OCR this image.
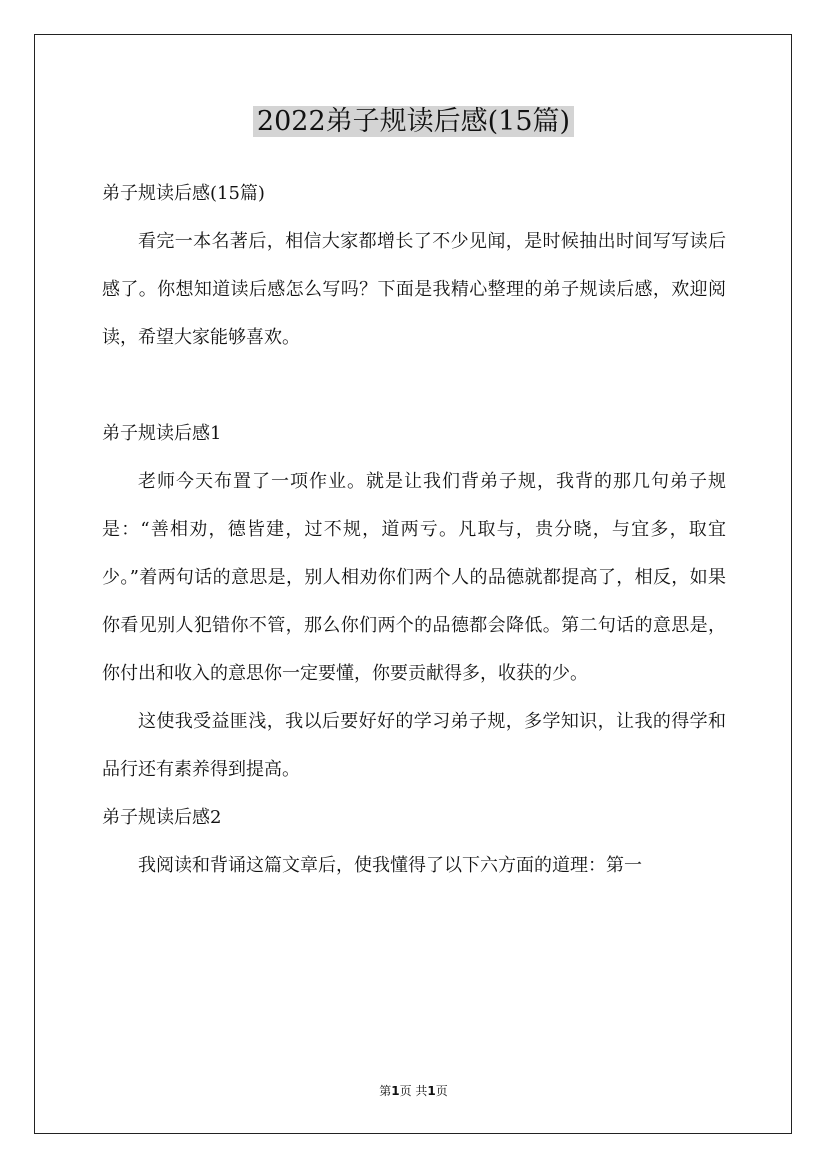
2022弟子规读后感(15篇)

弟子规读后感(15篇)

看完一本名著后，相信大家都增长了不少见闻，是时候抽出时间写写读后感了。你想知道读后感怎么写吗？下面是我精心整理的弟子规读后感，欢迎阅读，希望大家能够喜欢。

弟子规读后感1

老师今天布置了一项作业。就是让我们背弟子规，我背的那几句弟子规是：“善相劝，德皆建，过不规，道两亏。凡取与，贵分晓，与宜多，取宜少。”着两句话的意思是，别人相劝你们两个人的品德就都提高了，相反，如果你看见别人犯错你不管，那么你们两个的品德都会降低。第二句话的意思是，你付出和收入的意思你一定要懂，你要贡献得多，收获的少。

这使我受益匪浅，我以后要好好的学习弟子规，多学知识，让我的得学和品行还有素养得到提高。

弟子规读后感2

我阅读和背诵这篇文章后，使我懂得了以下六方面的道理：第一

第1页 共1页
